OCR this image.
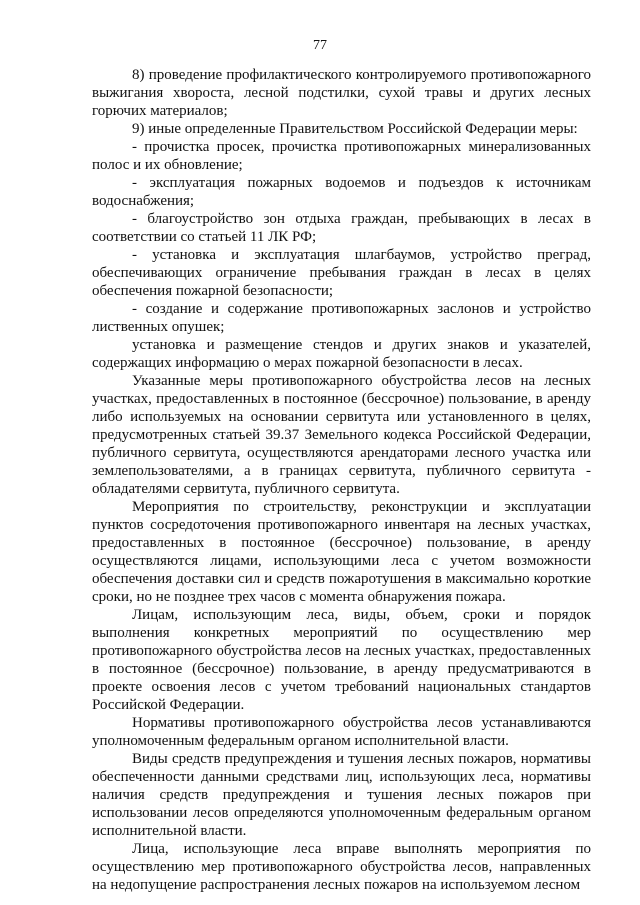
77

8) проведение профилактического контролируемого противопожарного выжигания хвороста, лесной подстилки, сухой травы и других лесных горючих материалов;

9) иные определенные Правительством Российской Федерации меры:

- прочистка просек, прочистка противопожарных минерализованных полос и их обновление;

- эксплуатация пожарных водоемов и подъездов к источникам водоснабжения;

- благоустройство зон отдыха граждан, пребывающих в лесах в соответствии со статьей 11 ЛК РФ;

- установка и эксплуатация шлагбаумов, устройство преград, обеспечивающих ограничение пребывания граждан в лесах в целях обеспечения пожарной безопасности;

- создание и содержание противопожарных заслонов и устройство лиственных опушек;

установка и размещение стендов и других знаков и указателей, содержащих информацию о мерах пожарной безопасности в лесах.

Указанные меры противопожарного обустройства лесов на лесных участках, предоставленных в постоянное (бессрочное) пользование, в аренду либо используемых на основании сервитута или установленного в целях, предусмотренных статьей 39.37 Земельного кодекса Российской Федерации, публичного сервитута, осуществляются арендаторами лесного участка или землепользователями, а в границах сервитута, публичного сервитута - обладателями сервитута, публичного сервитута.

Мероприятия по строительству, реконструкции и эксплуатации пунктов сосредоточения противопожарного инвентаря на лесных участках, предоставленных в постоянное (бессрочное) пользование, в аренду осуществляются лицами, использующими леса с учетом возможности обеспечения доставки сил и средств пожаротушения в максимально короткие сроки, но не позднее трех часов с момента обнаружения пожара.

Лицам, использующим леса, виды, объем, сроки и порядок выполнения конкретных мероприятий по осуществлению мер противопожарного обустройства лесов на лесных участках, предоставленных в постоянное (бессрочное) пользование, в аренду предусматриваются в проекте освоения лесов с учетом требований национальных стандартов Российской Федерации.

Нормативы противопожарного обустройства лесов устанавливаются уполномоченным федеральным органом исполнительной власти.

Виды средств предупреждения и тушения лесных пожаров, нормативы обеспеченности данными средствами лиц, использующих леса, нормативы наличия средств предупреждения и тушения лесных пожаров при использовании лесов определяются уполномоченным федеральным органом исполнительной власти.

Лица, использующие леса вправе выполнять мероприятия по осуществлению мер противопожарного обустройства лесов, направленных на недопущение распространения лесных пожаров на используемом лесном
